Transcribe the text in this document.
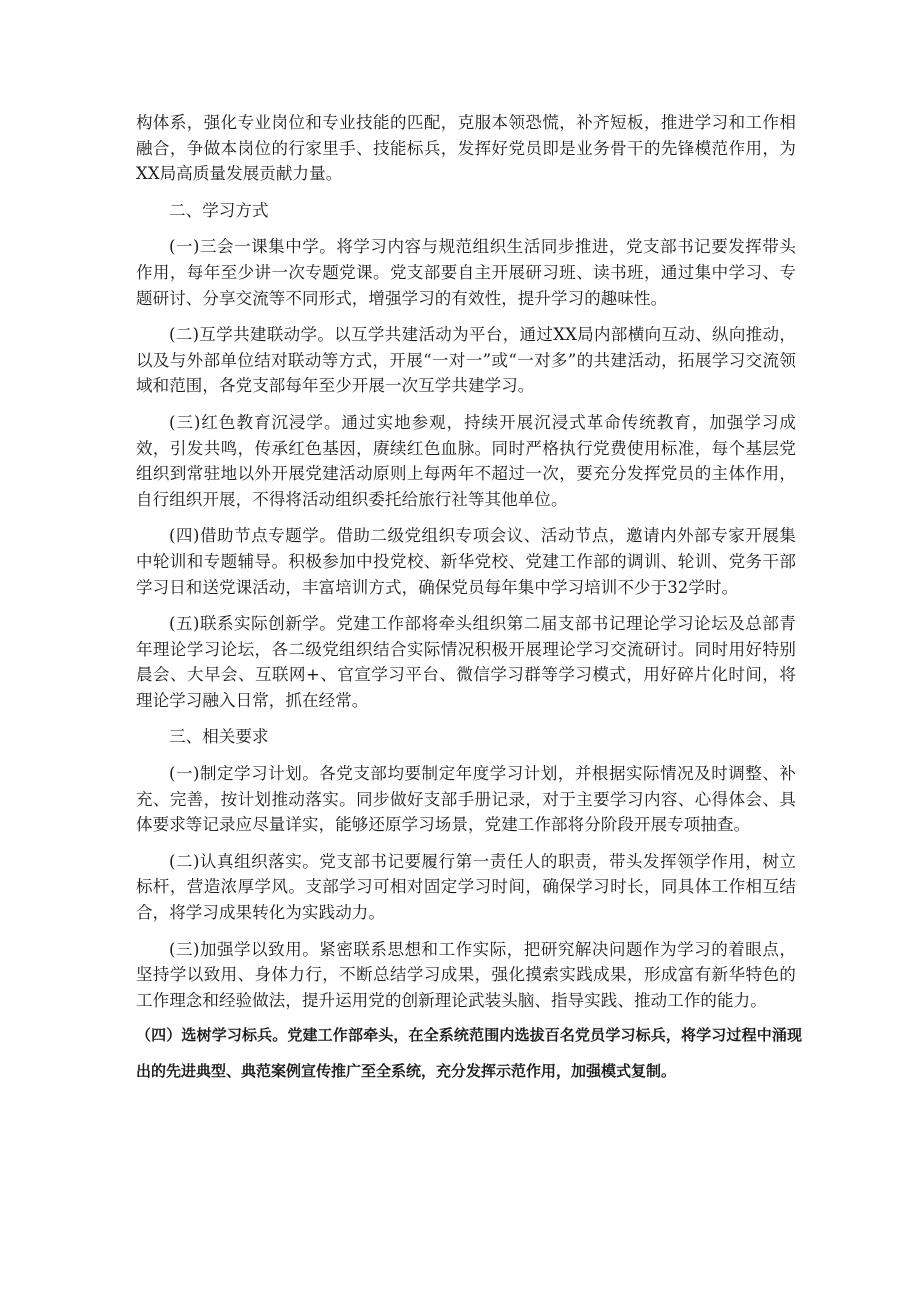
构体系，强化专业岗位和专业技能的匹配，克服本领恐慌，补齐短板，推进学习和工作相融合，争做本岗位的行家里手、技能标兵，发挥好党员即是业务骨干的先锋模范作用，为XX局高质量发展贡献力量。

二、学习方式

(一)三会一课集中学。将学习内容与规范组织生活同步推进，党支部书记要发挥带头作用，每年至少讲一次专题党课。党支部要自主开展研习班、读书班，通过集中学习、专题研讨、分享交流等不同形式，增强学习的有效性，提升学习的趣味性。

(二)互学共建联动学。以互学共建活动为平台，通过XX局内部横向互动、纵向推动，以及与外部单位结对联动等方式，开展“一对一”或“一对多”的共建活动，拓展学习交流领域和范围，各党支部每年至少开展一次互学共建学习。

(三)红色教育沉浸学。通过实地参观，持续开展沉浸式革命传统教育，加强学习成效，引发共鸣，传承红色基因，赓续红色血脉。同时严格执行党费使用标准，每个基层党组织到常驻地以外开展党建活动原则上每两年不超过一次，要充分发挥党员的主体作用，自行组织开展，不得将活动组织委托给旅行社等其他单位。

(四)借助节点专题学。借助二级党组织专项会议、活动节点，邀请内外部专家开展集中轮训和专题辅导。积极参加中投党校、新华党校、党建工作部的调训、轮训、党务干部学习日和送党课活动，丰富培训方式，确保党员每年集中学习培训不少于32学时。

(五)联系实际创新学。党建工作部将牵头组织第二届支部书记理论学习论坛及总部青年理论学习论坛，各二级党组织结合实际情况积极开展理论学习交流研讨。同时用好特别晨会、大早会、互联网+、官宣学习平台、微信学习群等学习模式，用好碎片化时间，将理论学习融入日常，抓在经常。

三、相关要求

(一)制定学习计划。各党支部均要制定年度学习计划，并根据实际情况及时调整、补充、完善，按计划推动落实。同步做好支部手册记录，对于主要学习内容、心得体会、具体要求等记录应尽量详实，能够还原学习场景，党建工作部将分阶段开展专项抽查。

(二)认真组织落实。党支部书记要履行第一责任人的职责，带头发挥领学作用，树立标杆，营造浓厚学风。支部学习可相对固定学习时间，确保学习时长，同具体工作相互结合，将学习成果转化为实践动力。

(三)加强学以致用。紧密联系思想和工作实际，把研究解决问题作为学习的着眼点，坚持学以致用、身体力行，不断总结学习成果，强化摸索实践成果，形成富有新华特色的工作理念和经验做法，提升运用党的创新理论武装头脑、指导实践、推动工作的能力。

（四）选树学习标兵。党建工作部牵头，在全系统范围内选拔百名党员学习标兵，将学习过程中涌现出的先进典型、典范案例宣传推广至全系统，充分发挥示范作用，加强模式复制。
